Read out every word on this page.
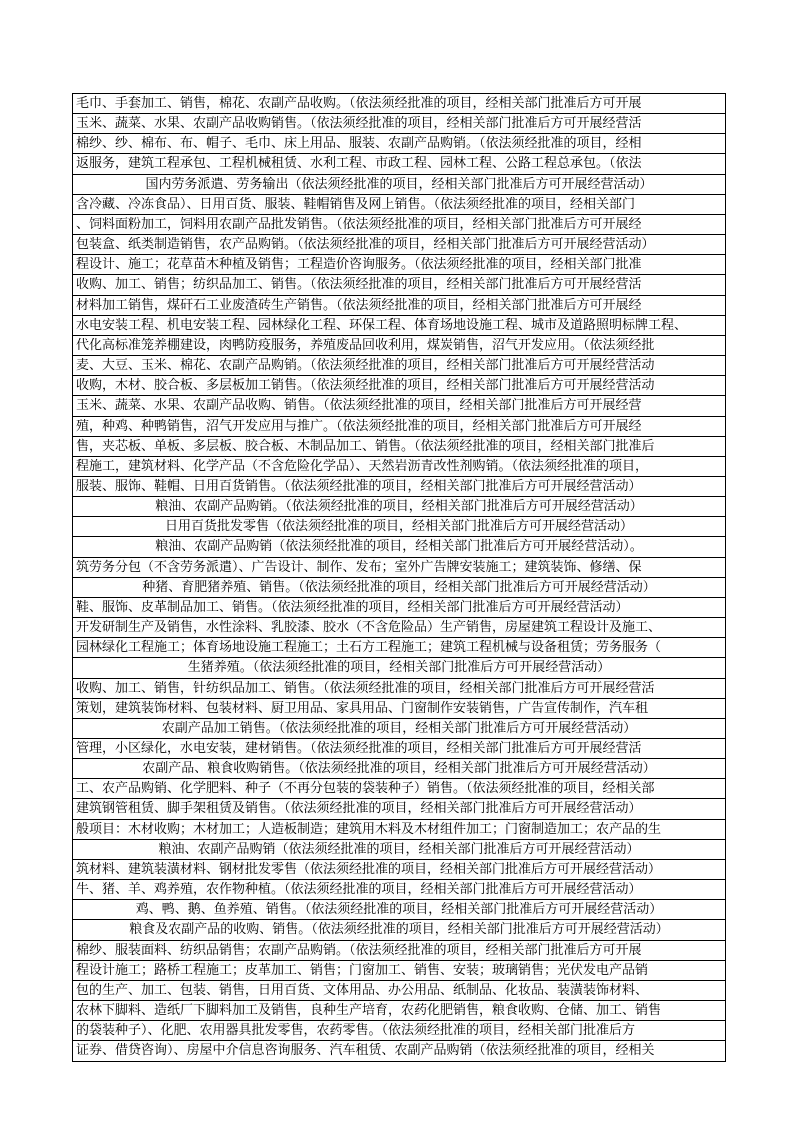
毛巾、手套加工、销售，棉花、农副产品收购。（依法须经批准的项目，经相关部门批准后方可开展
玉米、蔬菜、水果、农副产品收购销售。（依法须经批准的项目，经相关部门批准后方可开展经营活
棉纱、纱、棉布、布、帽子、毛巾、床上用品、服装、农副产品购销。（依法须经批准的项目，经相
返服务，建筑工程承包、工程机械租赁、水利工程、市政工程、园林工程、公路工程总承包。（依法
国内劳务派遣、劳务输出（依法须经批准的项目，经相关部门批准后方可开展经营活动）
含冷藏、冷冻食品）、日用百货、服装、鞋帽销售及网上销售。（依法须经批准的项目，经相关部门
、饲料面粉加工，饲料用农副产品批发销售。（依法须经批准的项目，经相关部门批准后方可开展经
包装盒、纸类制造销售，农产品购销。（依法须经批准的项目，经相关部门批准后方可开展经营活动）
程设计、施工；花草苗木种植及销售；工程造价咨询服务。（依法须经批准的项目，经相关部门批准
收购、加工、销售；纺织品加工、销售。（依法须经批准的项目，经相关部门批准后方可开展经营活
材料加工销售，煤矸石工业废渣砖生产销售。（依法须经批准的项目，经相关部门批准后方可开展经
水电安装工程、机电安装工程、园林绿化工程、环保工程、体育场地设施工程、城市及道路照明标牌工程、
代化高标准笼养棚建设，肉鸭防疫服务，养殖废品回收利用，煤炭销售，沼气开发应用。（依法须经批
麦、大豆、玉米、棉花、农副产品购销。（依法须经批准的项目，经相关部门批准后方可开展经营活动
收购，木材、胶合板、多层板加工销售。（依法须经批准的项目，经相关部门批准后方可开展经营活动
玉米、蔬菜、水果、农副产品收购、销售。（依法须经批准的项目，经相关部门批准后方可开展经营
殖，种鸡、种鸭销售，沼气开发应用与推广。（依法须经批准的项目，经相关部门批准后方可开展经
售，夹芯板、单板、多层板、胶合板、木制品加工、销售。（依法须经批准的项目，经相关部门批准后
程施工，建筑材料、化学产品（不含危险化学品）、天然岩沥青改性剂购销。（依法须经批准的项目，
服装、服饰、鞋帽、日用百货销售。（依法须经批准的项目，经相关部门批准后方可开展经营活动）
粮油、农副产品购销。（依法须经批准的项目，经相关部门批准后方可开展经营活动）
日用百货批发零售（依法须经批准的项目，经相关部门批准后方可开展经营活动）
粮油、农副产品购销（依法须经批准的项目，经相关部门批准后方可开展经营活动）。
筑劳务分包（不含劳务派遣）、广告设计、制作、发布；室外广告牌安装施工；建筑装饰、修缮、保
种猪、育肥猪养殖、销售。（依法须经批准的项目，经相关部门批准后方可开展经营活动）
鞋、服饰、皮革制品加工、销售。（依法须经批准的项目，经相关部门批准后方可开展经营活动）
开发研制生产及销售，水性涂料、乳胶漆、胶水（不含危险品）生产销售，房屋建筑工程设计及施工、
园林绿化工程施工；体育场地设施工程施工；土石方工程施工；建筑工程机械与设备租赁；劳务服务（
生猪养殖。（依法须经批准的项目，经相关部门批准后方可开展经营活动）
收购、加工、销售，针纺织品加工、销售。（依法须经批准的项目，经相关部门批准后方可开展经营活
策划，建筑装饰材料、包装材料、厨卫用品、家具用品、门窗制作安装销售，广告宣传制作，汽车租
农副产品加工销售。（依法须经批准的项目，经相关部门批准后方可开展经营活动）
管理，小区绿化，水电安装，建材销售。（依法须经批准的项目，经相关部门批准后方可开展经营活
农副产品、粮食收购销售。（依法须经批准的项目，经相关部门批准后方可开展经营活动）
工、农产品购销、化学肥料、种子（不再分包装的袋装种子）销售。（依法须经批准的项目，经相关部
建筑钢管租赁、脚手架租赁及销售。（依法须经批准的项目，经相关部门批准后方可开展经营活动）
般项目：木材收购；木材加工；人造板制造；建筑用木料及木材组件加工；门窗制造加工；农产品的生
粮油、农副产品购销（依法须经批准的项目，经相关部门批准后方可开展经营活动）
筑材料、建筑装潢材料、钢材批发零售（依法须经批准的项目，经相关部门批准后方可开展经营活动）
牛、猪、羊、鸡养殖，农作物种植。（依法须经批准的项目，经相关部门批准后方可开展经营活动）
鸡、鸭、鹅、鱼养殖、销售。（依法须经批准的项目，经相关部门批准后方可开展经营活动）
粮食及农副产品的收购、销售。（依法须经批准的项目，经相关部门批准后方可开展经营活动）
棉纱、服装面料、纺织品销售；农副产品购销。（依法须经批准的项目，经相关部门批准后方可开展
程设计施工；路桥工程施工；皮革加工、销售；门窗加工、销售、安装；玻璃销售；光伏发电产品销
包的生产、加工、包装、销售，日用百货、文体用品、办公用品、纸制品、化妆品、装潢装饰材料、
农林下脚料、造纸厂下脚料加工及销售，良种生产培育，农药化肥销售，粮食收购、仓储、加工、销售
的袋装种子）、化肥、农用器具批发零售，农药零售。（依法须经批准的项目，经相关部门批准后方
证券、借贷咨询）、房屋中介信息咨询服务、汽车租赁、农副产品购销（依法须经批准的项目，经相关
